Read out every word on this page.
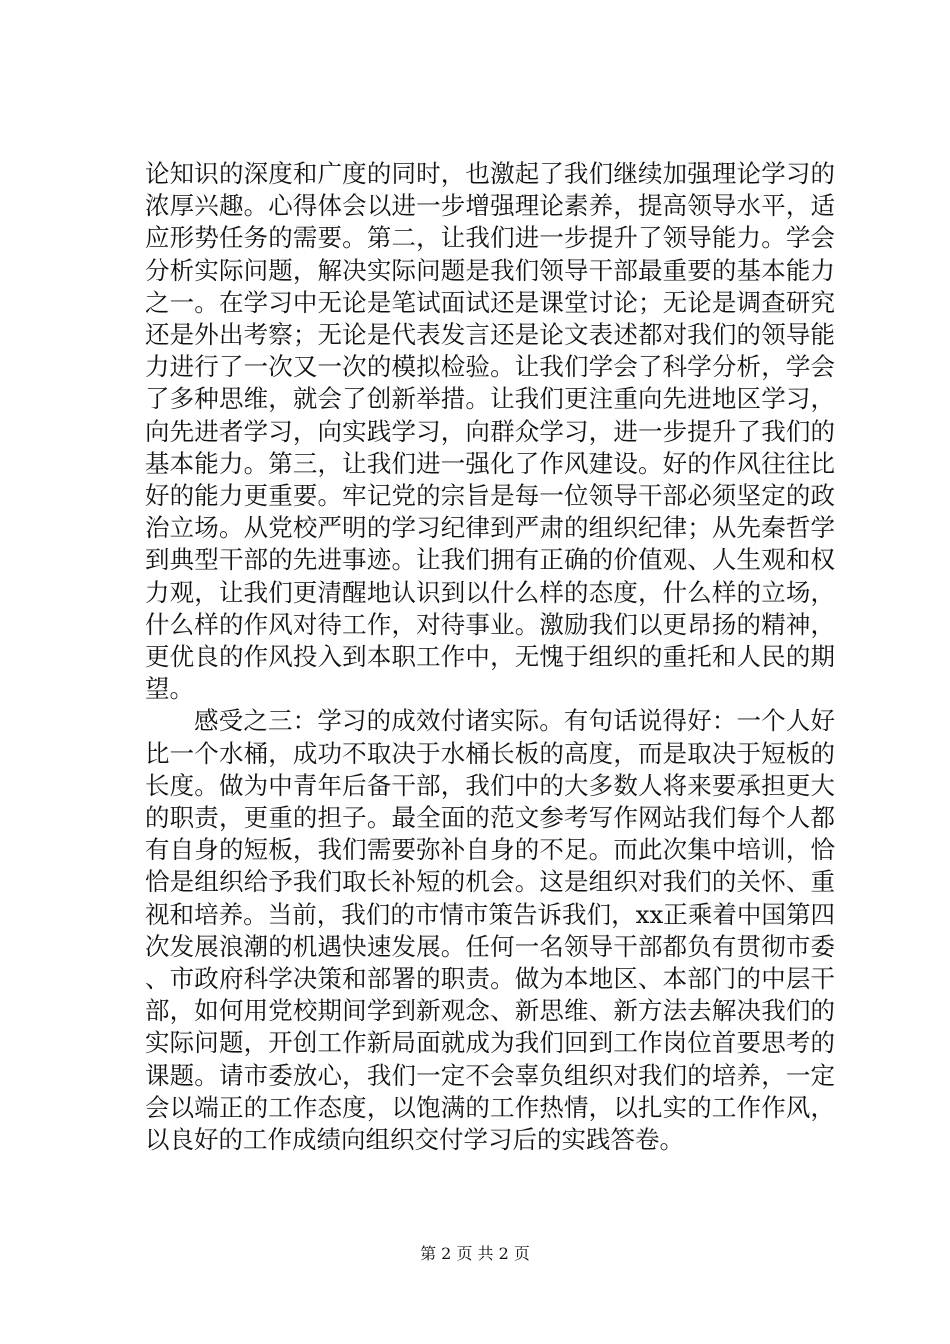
论知识的深度和广度的同时，也激起了我们继续加强理论学习的浓厚兴趣。心得体会以进一步增强理论素养，提高领导水平，适应形势任务的需要。第二，让我们进一步提升了领导能力。学会分析实际问题，解决实际问题是我们领导干部最重要的基本能力之一。在学习中无论是笔试面试还是课堂讨论；无论是调查研究还是外出考察；无论是代表发言还是论文表述都对我们的领导能力进行了一次又一次的模拟检验。让我们学会了科学分析，学会了多种思维，就会了创新举措。让我们更注重向先进地区学习，向先进者学习，向实践学习，向群众学习，进一步提升了我们的基本能力。第三，让我们进一强化了作风建设。好的作风往往比好的能力更重要。牢记党的宗旨是每一位领导干部必须坚定的政治立场。从党校严明的学习纪律到严肃的组织纪律；从先秦哲学到典型干部的先进事迹。让我们拥有正确的价值观、人生观和权力观，让我们更清醒地认识到以什么样的态度，什么样的立场，什么样的作风对待工作，对待事业。激励我们以更昂扬的精神，更优良的作风投入到本职工作中，无愧于组织的重托和人民的期望。

感受之三：学习的成效付诸实际。有句话说得好：一个人好比一个水桶，成功不取决于水桶长板的高度，而是取决于短板的长度。做为中青年后备干部，我们中的大多数人将来要承担更大的职责，更重的担子。最全面的范文参考写作网站我们每个人都有自身的短板，我们需要弥补自身的不足。而此次集中培训，恰恰是组织给予我们取长补短的机会。这是组织对我们的关怀、重视和培养。当前，我们的市情市策告诉我们，xx正乘着中国第四次发展浪潮的机遇快速发展。任何一名领导干部都负有贯彻市委、市政府科学决策和部署的职责。做为本地区、本部门的中层干部，如何用党校期间学到新观念、新思维、新方法去解决我们的实际问题，开创工作新局面就成为我们回到工作岗位首要思考的课题。请市委放心，我们一定不会辜负组织对我们的培养，一定会以端正的工作态度，以饱满的工作热情，以扎实的工作作风，以良好的工作成绩向组织交付学习后的实践答卷。

第 2 页 共 2 页
